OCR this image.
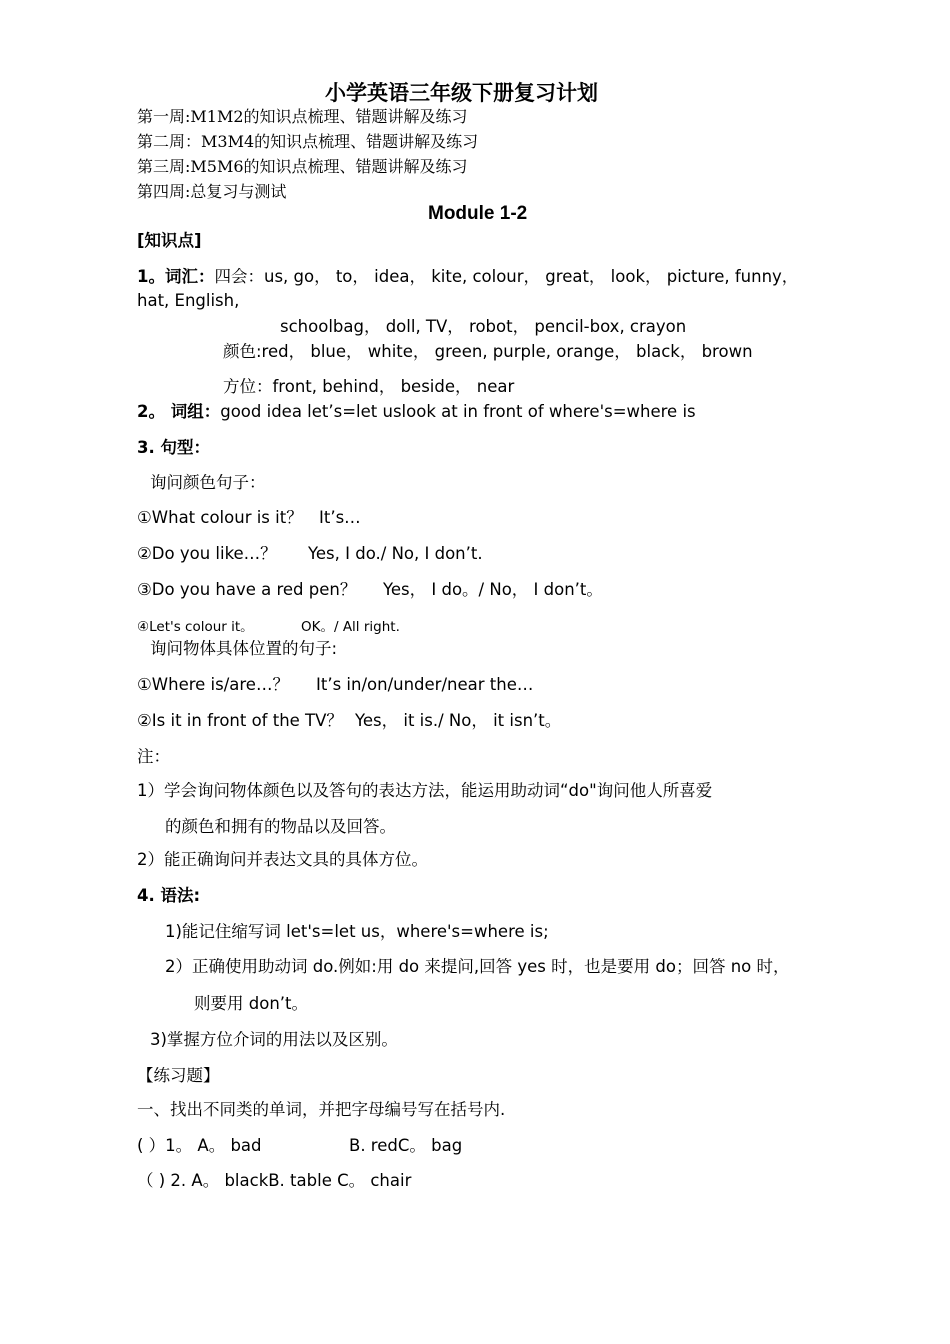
小学英语三年级下册复习计划
第一周:M1M2的知识点梳理、错题讲解及练习
第二周：M3M4的知识点梳理、错题讲解及练习
第三周:M5M6的知识点梳理、错题讲解及练习
第四周:总复习与测试
Module 1-2
[知识点]
1。词汇：四会：us, go， to， idea， kite, colour， great， look， picture, funny，
hat, English,
schoolbag， doll, TV， robot， pencil-box, crayon
颜色:red， blue， white， green, purple, orange， black， brown
方位：front, behind， beside， near
2。 词组：good idea let’s=let uslook at in front of where's=where is
3. 句型：
询问颜色句子：
①What colour is it？ It’s…
②Do you like…？ Yes, I do./ No, I don’t.
③Do you have a red pen？ Yes， I do。/ No， I don’t。
④Let's colour it。	OK。/ All right.
询问物体具体位置的句子:
①Where is/are…？ It’s in/on/under/near the…
②Is it in front of the TV？ Yes， it is./ No， it isn’t。
注：
1）学会询问物体颜色以及答句的表达方法，能运用助动词“do"询问他人所喜爱
的颜色和拥有的物品以及回答。
2）能正确询问并表达文具的具体方位。
4. 语法:
1)能记住缩写词 let's=let us，where's=where is;
2）正确使用助动词 do.例如:用 do 来提问,回答 yes 时，也是要用 do；回答 no 时，
则要用 don’t。
3)掌握方位介词的用法以及区别。
【练习题】
一、找出不同类的单词，并把字母编号写在括号内.
( ）1。 A。 bad	B. redC。 bag
（ ) 2. A。 blackB. table C。 chair
